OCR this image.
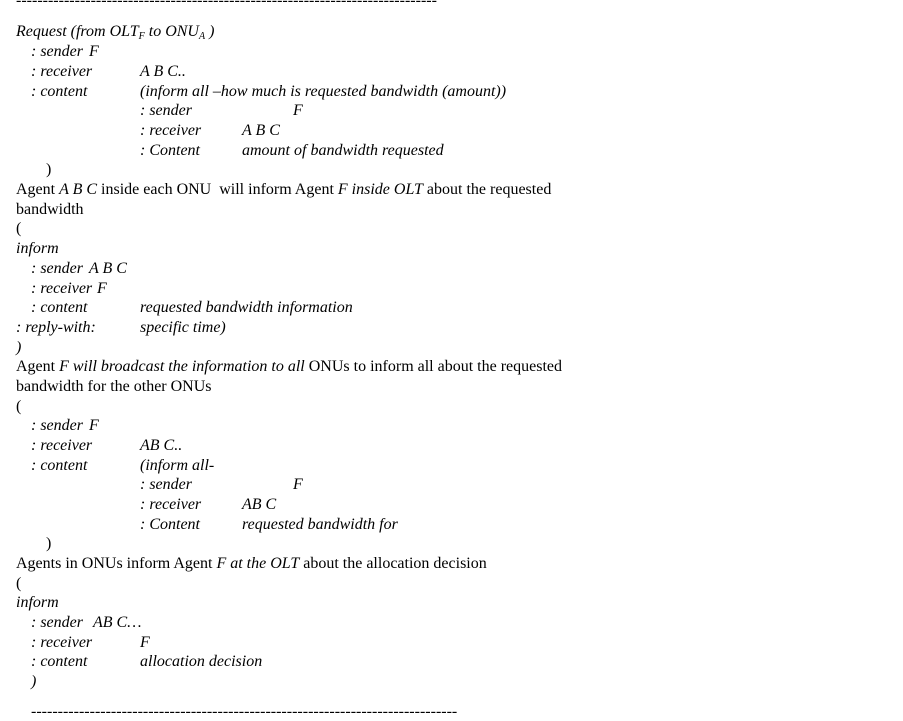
-------------------------------------------------------------------------------
Request (from $OLT_F$ to $ONU_A$ )
: sender F
: receiver	A B C..
: content	(inform all –how much is requested bandwidth (amount))
: sender	F
: receiver	A B C
: Content	amount of bandwidth requested
)
Agent A B C inside each ONU  will inform Agent F inside OLT about the requested
bandwidth
(
inform
: sender A B C
: receiver F
: content	requested bandwidth information
: reply-with:	specific time)
)
Agent F will broadcast the information to all ONUs to inform all about the requested
bandwidth for the other ONUs
(
: sender F
: receiver	AB C..
: content	(inform all-
: sender	F
: receiver	AB C
: Content	requested bandwidth for
)
Agents in ONUs inform Agent F at the OLT about the allocation decision
(
inform
: sender AB C…
: receiver	F
: content	allocation decision
)
--------------------------------------------------------------------------------
